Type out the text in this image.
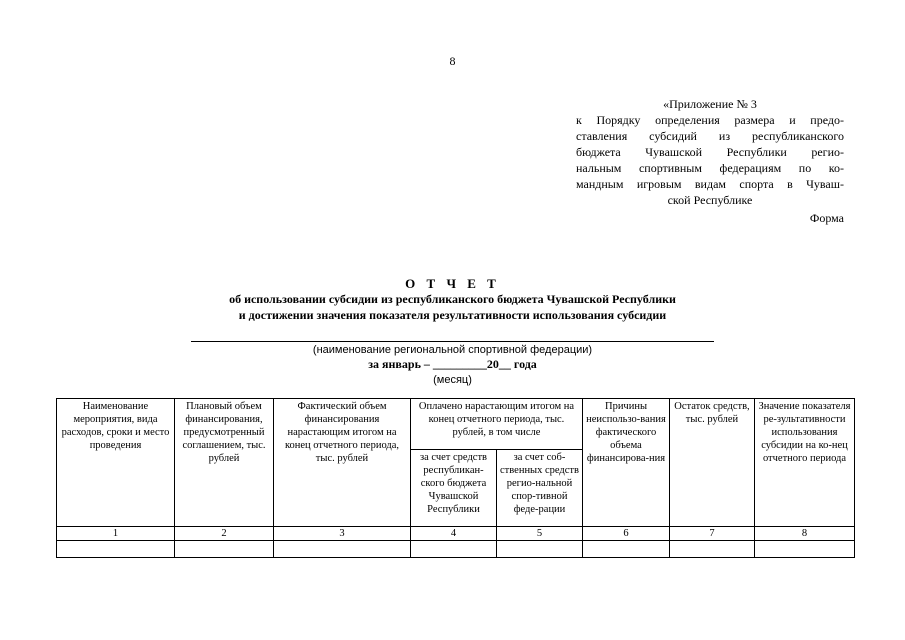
8
«Приложение № 3
к Порядку определения размера и предо-
ставления субсидий из республиканского
бюджета Чувашской Республики регио-
нальным спортивным федерациям по ко-
мандным игровым видам спорта в Чуваш-
ской Республике
Форма
О Т Ч Е Т
об использовании субсидии из республиканского бюджета Чувашской Республики
и достижении значения показателя результативности использования субсидии
(наименование региональной спортивной федерации)
за январь – _________20__ года
(месяц)
Наименование мероприятия, вида расходов, сроки и место проведения	Плановый объем финансирования, предусмотренный соглашением, тыс. рублей	Фактический объем финансирования нарастающим итогом на конец отчетного периода, тыс. рублей	Оплачено нарастающим итогом на конец отчетного периода, тыс. рублей, в том числе		Причины неиспользо-вания фактического объема финансирова-ния	Остаток средств, тыс. рублей	Значение показателя ре-зультативности использования субсидии на ко-нец отчетного периода
			за счет средств республикан-ского бюджета Чувашской Республики	за счет соб-ственных средств регио-нальной спор-тивной феде-рации			
1	2	3	4	5	6	7	8
